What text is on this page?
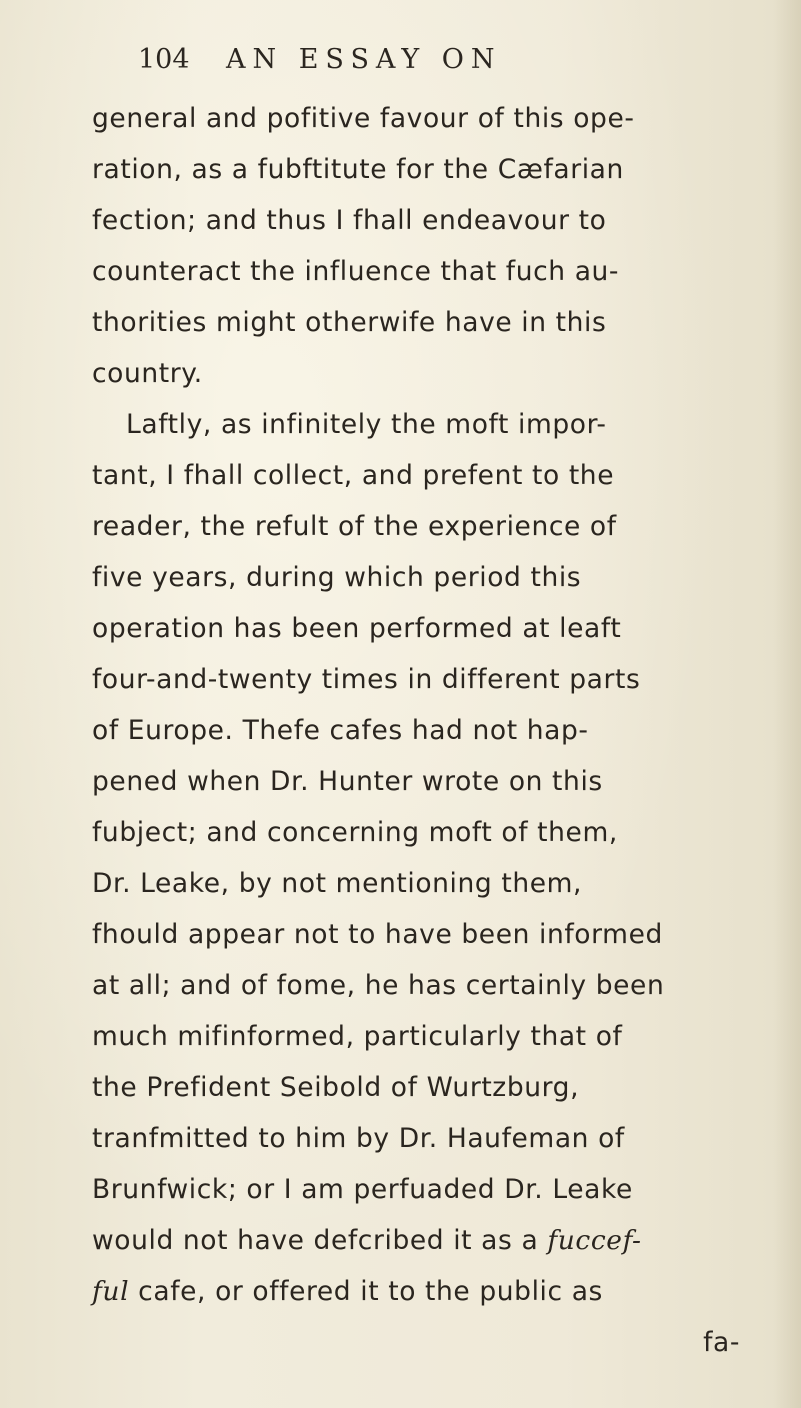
104 AN ESSAY ON
general and pofitive favour of this ope-
ration, as a fubftitute for the Cæfarian
fection; and thus I fhall endeavour to
counteract the influence that fuch au-
thorities might otherwife have in this
country.
Laftly, as infinitely the moft impor-
tant, I fhall collect, and prefent to the
reader, the refult of the experience of
five years, during which period this
operation has been performed at leaft
four-and-twenty times in different parts
of Europe. Thefe cafes had not hap-
pened when Dr. Hunter wrote on this
fubject; and concerning moft of them,
Dr. Leake, by not mentioning them,
fhould appear not to have been informed
at all; and of fome, he has certainly been
much mifinformed, particularly that of
the Prefident Seibold of Wurtzburg,
tranfmitted to him by Dr. Haufeman of
Brunfwick; or I am perfuaded Dr. Leake
would not have defcribed it as a fuccef-
ful cafe, or offered it to the public as
fa-
